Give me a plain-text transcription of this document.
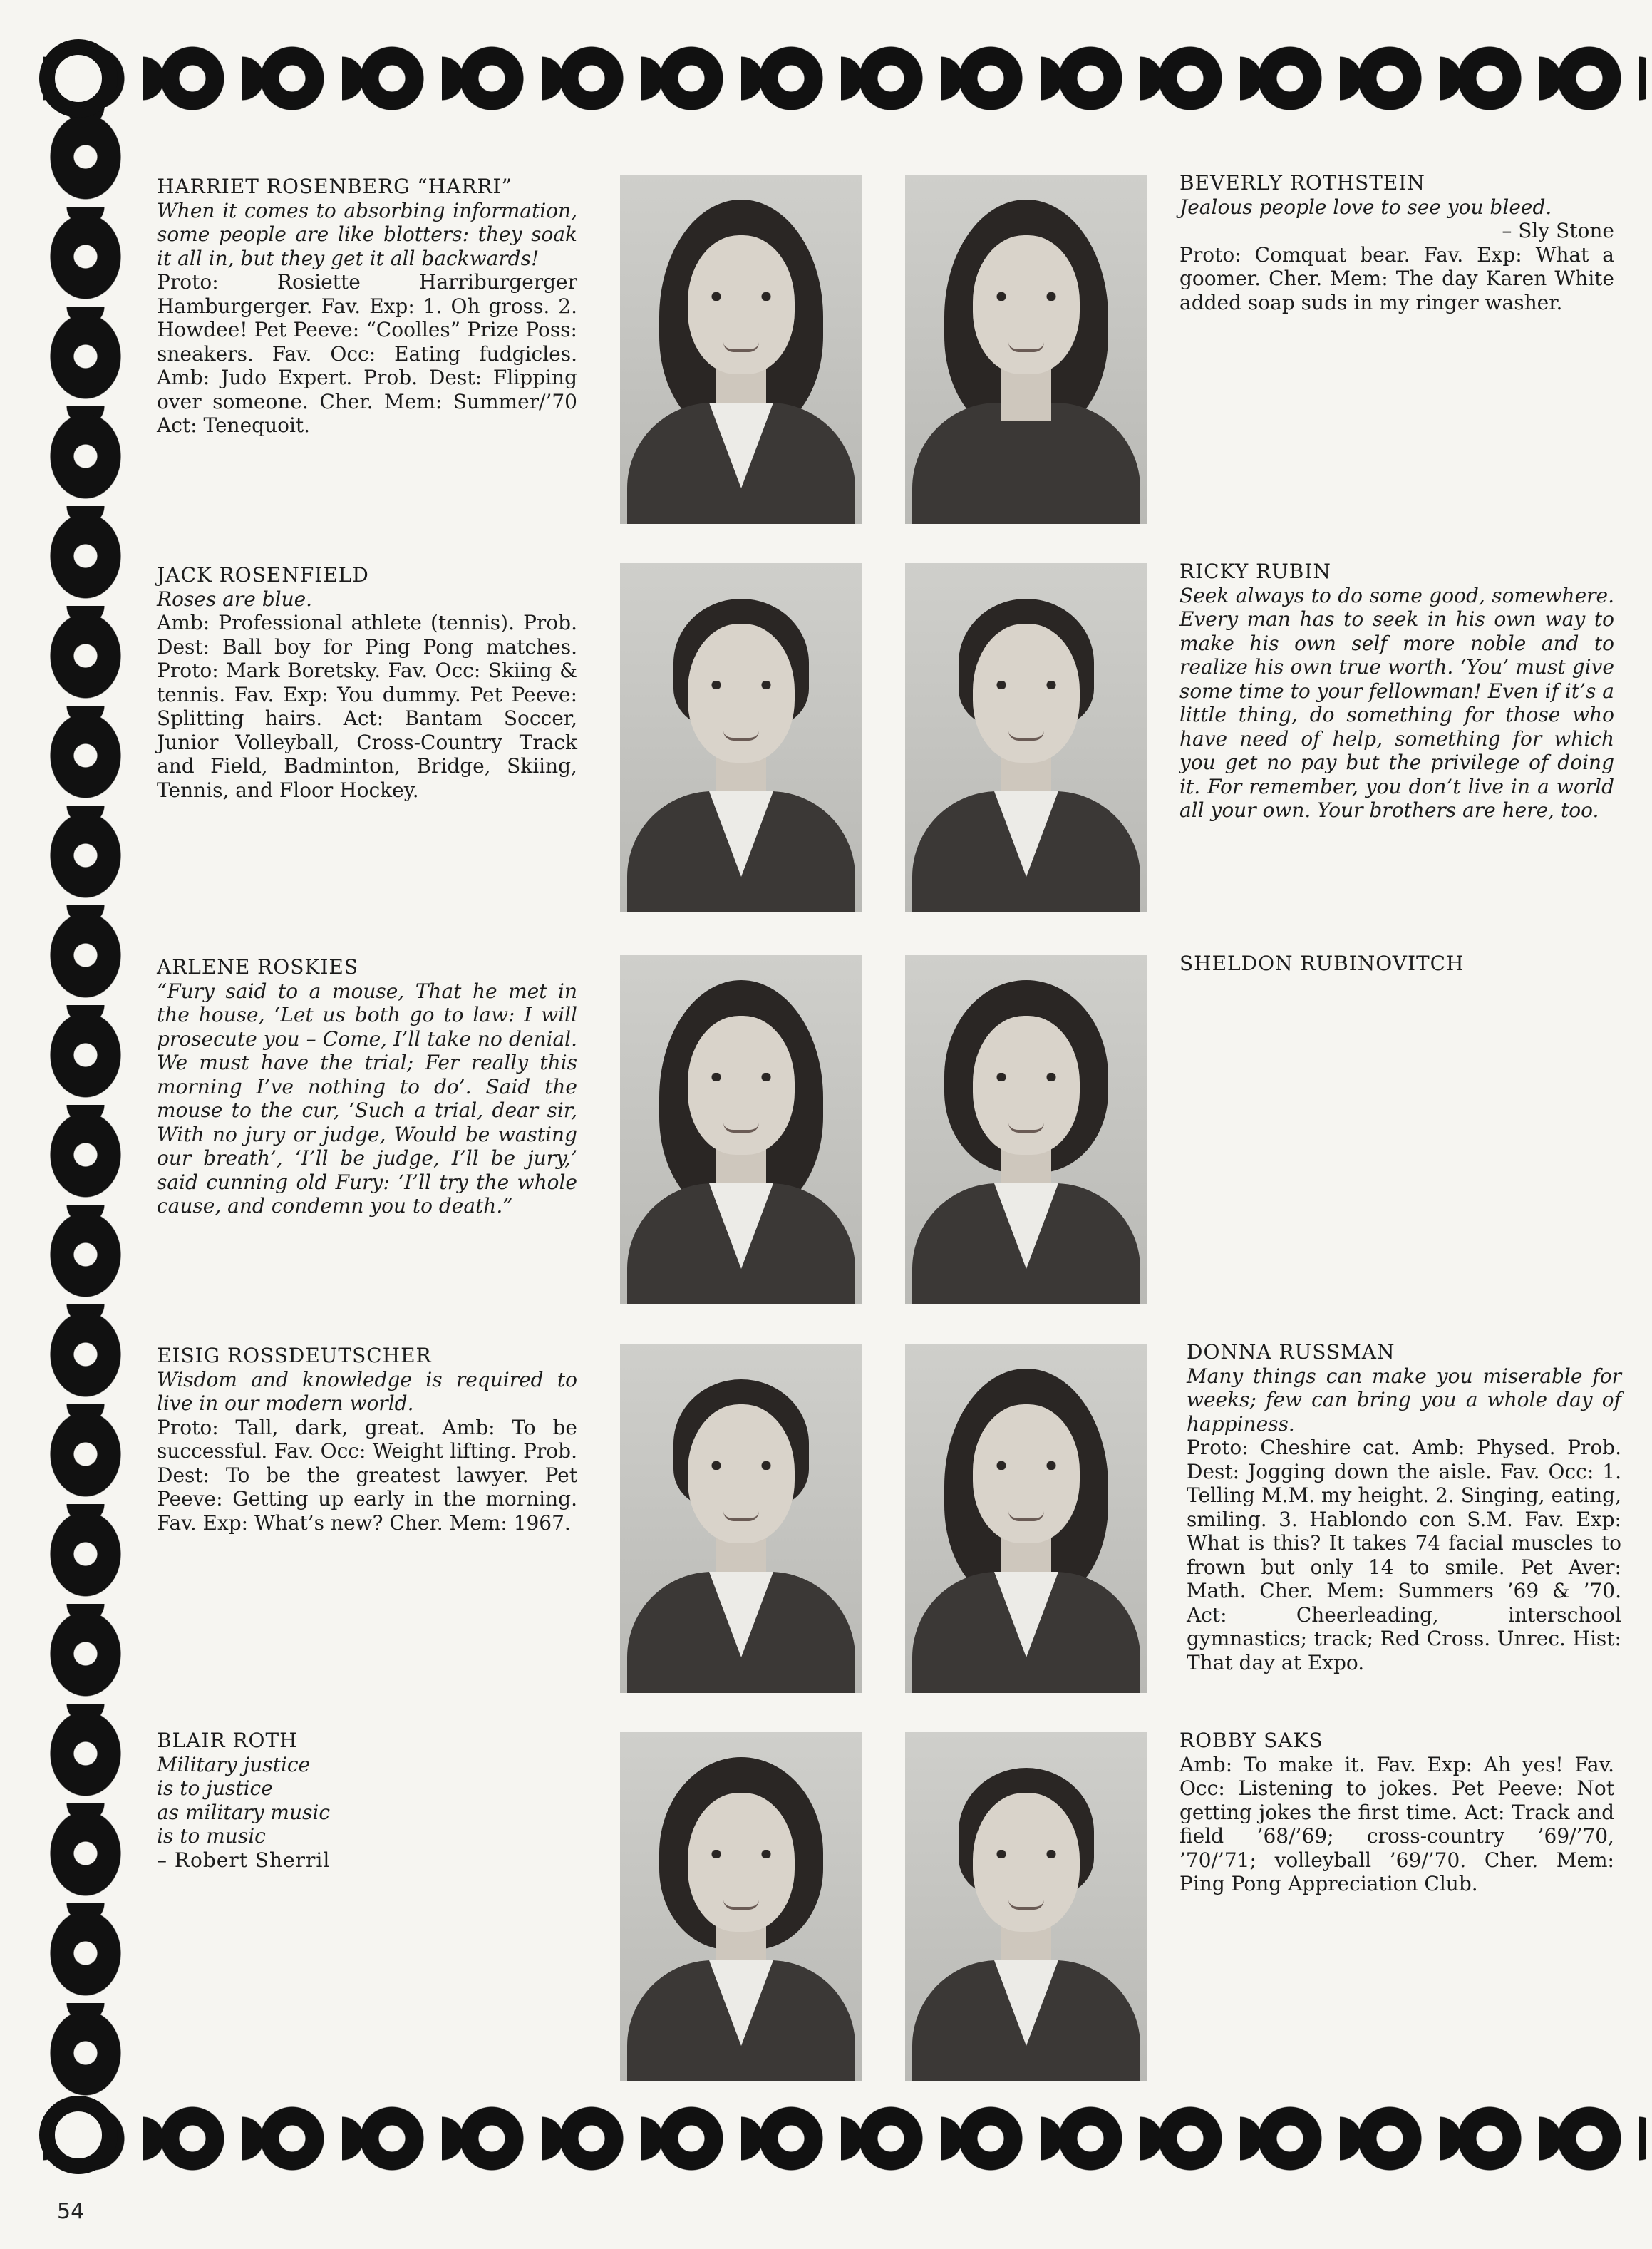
HARRIET ROSENBERG “HARRI”
When it comes to absorbing information, some people are like blotters: they soak it all in, but they get it all backwards!
Proto: Rosiette Harriburgerger Hamburgerger. Fav. Exp: 1. Oh gross. 2. Howdee! Pet Peeve: “Coolles” Prize Poss: sneakers. Fav. Occ: Eating fudgicles. Amb: Judo Expert. Prob. Dest: Flipping over someone. Cher. Mem: Summer/’70 Act: Tenequoit.
BEVERLY ROTHSTEIN
Jealous people love to see you bleed.
– Sly Stone
Proto: Comquat bear. Fav. Exp: What a goomer. Cher. Mem: The day Karen White added soap suds in my ringer washer.
JACK ROSENFIELD
Roses are blue.
Amb: Professional athlete (tennis). Prob. Dest: Ball boy for Ping Pong matches. Proto: Mark Boretsky. Fav. Occ: Skiing & tennis. Fav. Exp: You dummy. Pet Peeve: Splitting hairs. Act: Bantam Soccer, Junior Volleyball, Cross-Country Track and Field, Badminton, Bridge, Skiing, Tennis, and Floor Hockey.
RICKY RUBIN
Seek always to do some good, somewhere. Every man has to seek in his own way to make his own self more noble and to realize his own true worth. ‘You’ must give some time to your fellowman! Even if it’s a little thing, do something for those who have need of help, something for which you get no pay but the privilege of doing it. For remember, you don’t live in a world all your own. Your brothers are here, too.
ARLENE ROSKIES
“Fury said to a mouse, That he met in the house, ‘Let us both go to law: I will prosecute you – Come, I’ll take no denial. We must have the trial; Fer really this morning I’ve nothing to do’. Said the mouse to the cur, ‘Such a trial, dear sir, With no jury or judge, Would be wasting our breath’, ‘I’ll be judge, I’ll be jury,’ said cunning old Fury: ‘I’ll try the whole cause, and condemn you to death.”
SHELDON RUBINOVITCH
EISIG ROSSDEUTSCHER
Wisdom and knowledge is required to live in our modern world.
Proto: Tall, dark, great. Amb: To be successful. Fav. Occ: Weight lifting. Prob. Dest: To be the greatest lawyer. Pet Peeve: Getting up early in the morning. Fav. Exp: What’s new? Cher. Mem: 1967.
DONNA RUSSMAN
Many things can make you miserable for weeks; few can bring you a whole day of happiness.
Proto: Cheshire cat. Amb: Physed. Prob. Dest: Jogging down the aisle. Fav. Occ: 1. Telling M.M. my height. 2. Singing, eating, smiling. 3. Hablondo con S.M. Fav. Exp: What is this? It takes 74 facial muscles to frown but only 14 to smile. Pet Aver: Math. Cher. Mem: Summers ’69 & ’70. Act: Cheerleading, interschool gymnastics; track; Red Cross. Unrec. Hist: That day at Expo.
BLAIR ROTH
Military justice
is to justice
as military music
is to music
– Robert Sherril
ROBBY SAKS
Amb: To make it. Fav. Exp: Ah yes! Fav. Occ: Listening to jokes. Pet Peeve: Not getting jokes the first time. Act: Track and field ’68/’69; cross-country ’69/’70, ’70/’71; volleyball ’69/’70. Cher. Mem: Ping Pong Appreciation Club.
54
